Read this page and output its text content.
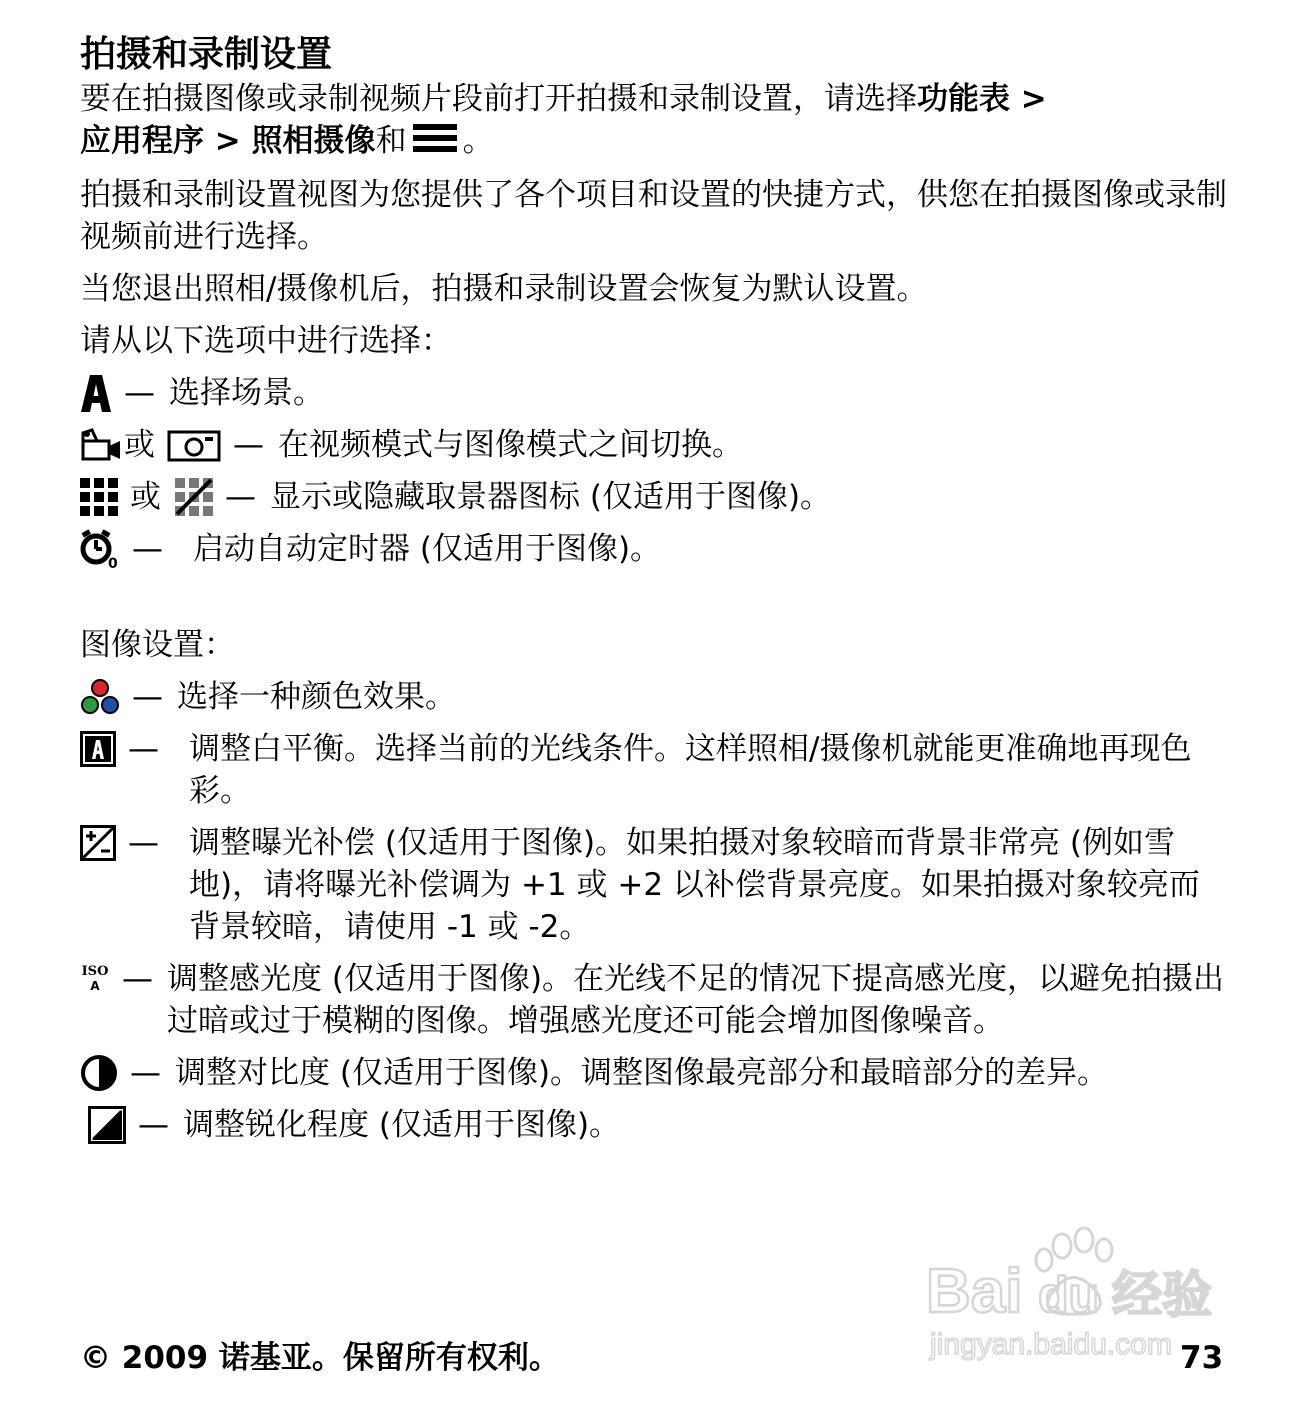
拍摄和录制设置
要在拍摄图像或录制视频片段前打开拍摄和录制设置，请选择功能表 >
应用程序 > 照相摄像和 。
拍摄和录制设置视图为您提供了各个项目和设置的快捷方式，供您在拍摄图像或录制视频前进行选择。
当您退出照相/摄像机后，拍摄和录制设置会恢复为默认设置。
请从以下选项中进行选择：
— 选择场景。
或	— 在视频模式与图像模式之间切换。
或 — 显示或隐藏取景器图标 (仅适用于图像)。
0 — 启动自动定时器 (仅适用于图像)。
图像设置：
— 选择一种颜色效果。
— 调整白平衡。选择当前的光线条件。这样照相/摄像机就能更准确地再现色彩。
— 调整曝光补偿 (仅适用于图像)。如果拍摄对象较暗而背景非常亮 (例如雪地)，请将曝光补偿调为 +1 或 +2 以补偿背景亮度。如果拍摄对象较亮而背景较暗，请使用 -1 或 -2。
ISO
A — 调整感光度 (仅适用于图像)。在光线不足的情况下提高感光度，以避免拍摄出过暗或过于模糊的图像。增强感光度还可能会增加图像噪音。
— 调整对比度 (仅适用于图像)。调整图像最亮部分和最暗部分的差异。
— 调整锐化程度 (仅适用于图像)。
Bai du 经验
jingyan.baidu.com
© 2009 诺基亚。保留所有权利。	73
